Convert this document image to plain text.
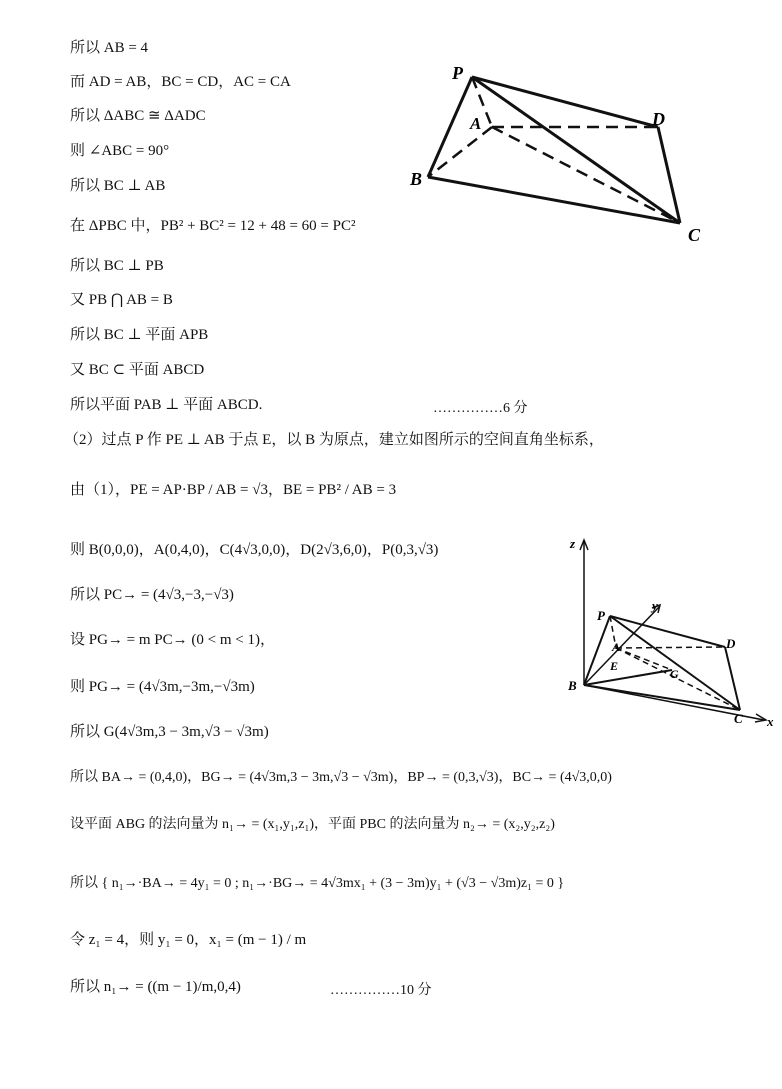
所以 AB = 4
而 AD = AB，BC = CD，AC = CA
所以 ΔABC ≅ ΔADC
则 ∠ABC = 90°
所以 BC ⊥ AB
在 ΔPBC 中，PB² + BC² = 12 + 48 = 60 = PC²
所以 BC ⊥ PB
又 PB ⋂ AB = B
所以 BC ⊥ 平面 APB
又 BC ⊂ 平面 ABCD
所以平面 PAB ⊥ 平面 ABCD.	……………6 分
（2）过点 P 作 PE ⊥ AB 于点 E，以 B 为原点，建立如图所示的空间直角坐标系，
由（1），PE = AP·BP / AB = √3，BE = PB² / AB = 3
则 B(0,0,0)，A(0,4,0)，C(4√3,0,0)，D(2√3,6,0)，P(0,3,√3)
所以 PC→ = (4√3,−3,−√3)
设 PG→ = m PC→ (0 < m < 1)，
则 PG→ = (4√3m,−3m,−√3m)
所以 G(4√3m,3 − 3m,√3 − √3m)
所以 BA→ = (0,4,0)，BG→ = (4√3m,3 − 3m,√3 − √3m)，BP→ = (0,3,√3)，BC→ = (4√3,0,0)
设平面 ABG 的法向量为 n₁→ = (x₁,y₁,z₁)，平面 PBC 的法向量为 n₂→ = (x₂,y₂,z₂)
所以 { n₁→·BA→ = 4y₁ = 0 ; n₁→·BG→ = 4√3mx₁ + (3 − 3m)y₁ + (√3 − √3m)z₁ = 0 }
令 z₁ = 4，则 y₁ = 0，x₁ = (m − 1) / m
所以 n₁→ = ((m − 1)/m,0,4)	……………10 分
P
A	D
B
C
z
y
P
A
E
D
G
B
C x
